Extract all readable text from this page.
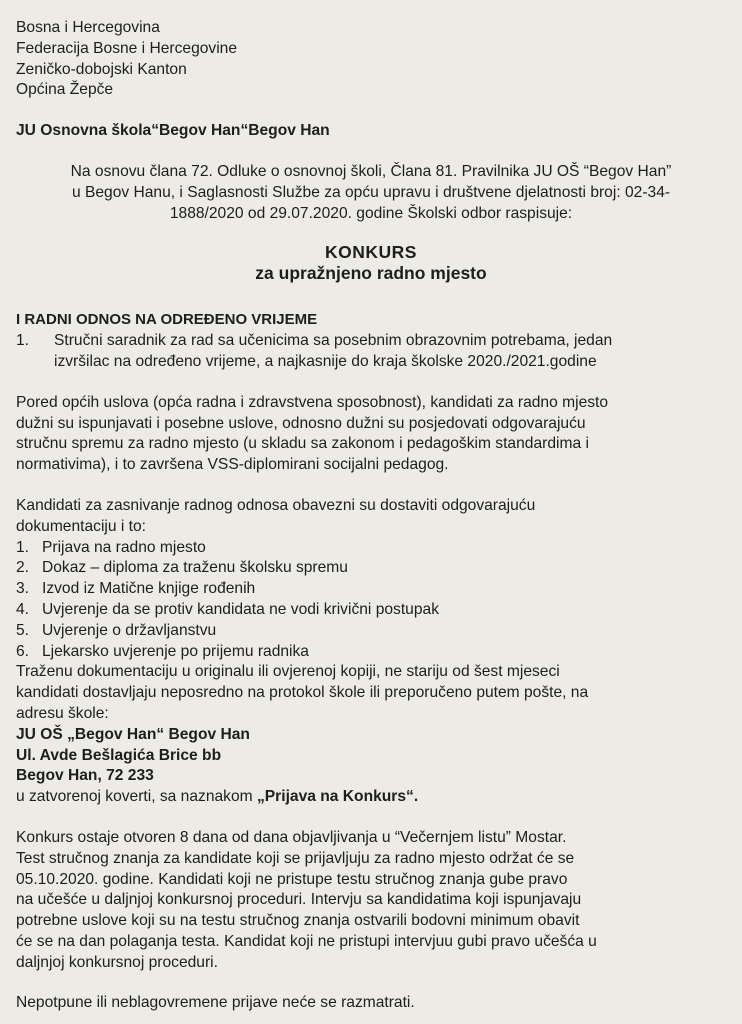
Bosna i Hercegovina
Federacija Bosne i Hercegovine
Zeničko-dobojski Kanton
Općina Žepče
JU Osnovna škola“Begov Han“Begov Han
Na osnovu člana 72. Odluke o osnovnoj školi, Člana 81. Pravilnika JU OŠ “Begov Han”
u Begov Hanu, i Saglasnosti Službe za opću upravu i društvene djelatnosti broj: 02-34-
1888/2020 od 29.07.2020. godine Školski odbor raspisuje:
KONKURS
za upražnjeno radno mjesto
I RADNI ODNOS NA ODREĐENO VRIJEME
1.	Stručni saradnik za rad sa učenicima sa posebnim obrazovnim potrebama, jedan
izvršilac na određeno vrijeme, a najkasnije do kraja školske 2020./2021.godine
Pored općih uslova (opća radna i zdravstvena sposobnost), kandidati za radno mjesto
dužni su ispunjavati i posebne uslove, odnosno dužni su posjedovati odgovarajuću
stručnu spremu za radno mjesto (u skladu sa zakonom i pedagoškim standardima i
normativima), i to završena VSS-diplomirani socijalni pedagog.
Kandidati za zasnivanje radnog odnosa obavezni su dostaviti odgovarajuću
dokumentaciju i to:
1. Prijava na radno mjesto
2. Dokaz – diploma za traženu školsku spremu
3. Izvod iz Matične knjige rođenih
4. Uvjerenje da se protiv kandidata ne vodi krivični postupak
5. Uvjerenje o državljanstvu
6. Ljekarsko uvjerenje po prijemu radnika
Traženu dokumentaciju u originalu ili ovjerenoj kopiji, ne stariju od šest mjeseci
kandidati dostavljaju neposredno na protokol škole ili preporučeno putem pošte, na
adresu škole:
JU OŠ „Begov Han“ Begov Han
Ul. Avde Bešlagića Brice bb
Begov Han, 72 233
u zatvorenoj koverti, sa naznakom „Prijava na Konkurs“.
Konkurs ostaje otvoren 8 dana od dana objavljivanja u “Večernjem listu” Mostar.
Test stručnog znanja za kandidate koji se prijavljuju za radno mjesto održat će se
05.10.2020. godine. Kandidati koji ne pristupe testu stručnog znanja gube pravo
na učešće u daljnjoj konkursnoj proceduri. Intervju sa kandidatima koji ispunjavaju
potrebne uslove koji su na testu stručnog znanja ostvarili bodovni minimum obavit
će se na dan polaganja testa. Kandidat koji ne pristupi intervjuu gubi pravo učešća u
daljnjoj konkursnoj proceduri.
Nepotpune ili neblagovremene prijave neće se razmatrati.
